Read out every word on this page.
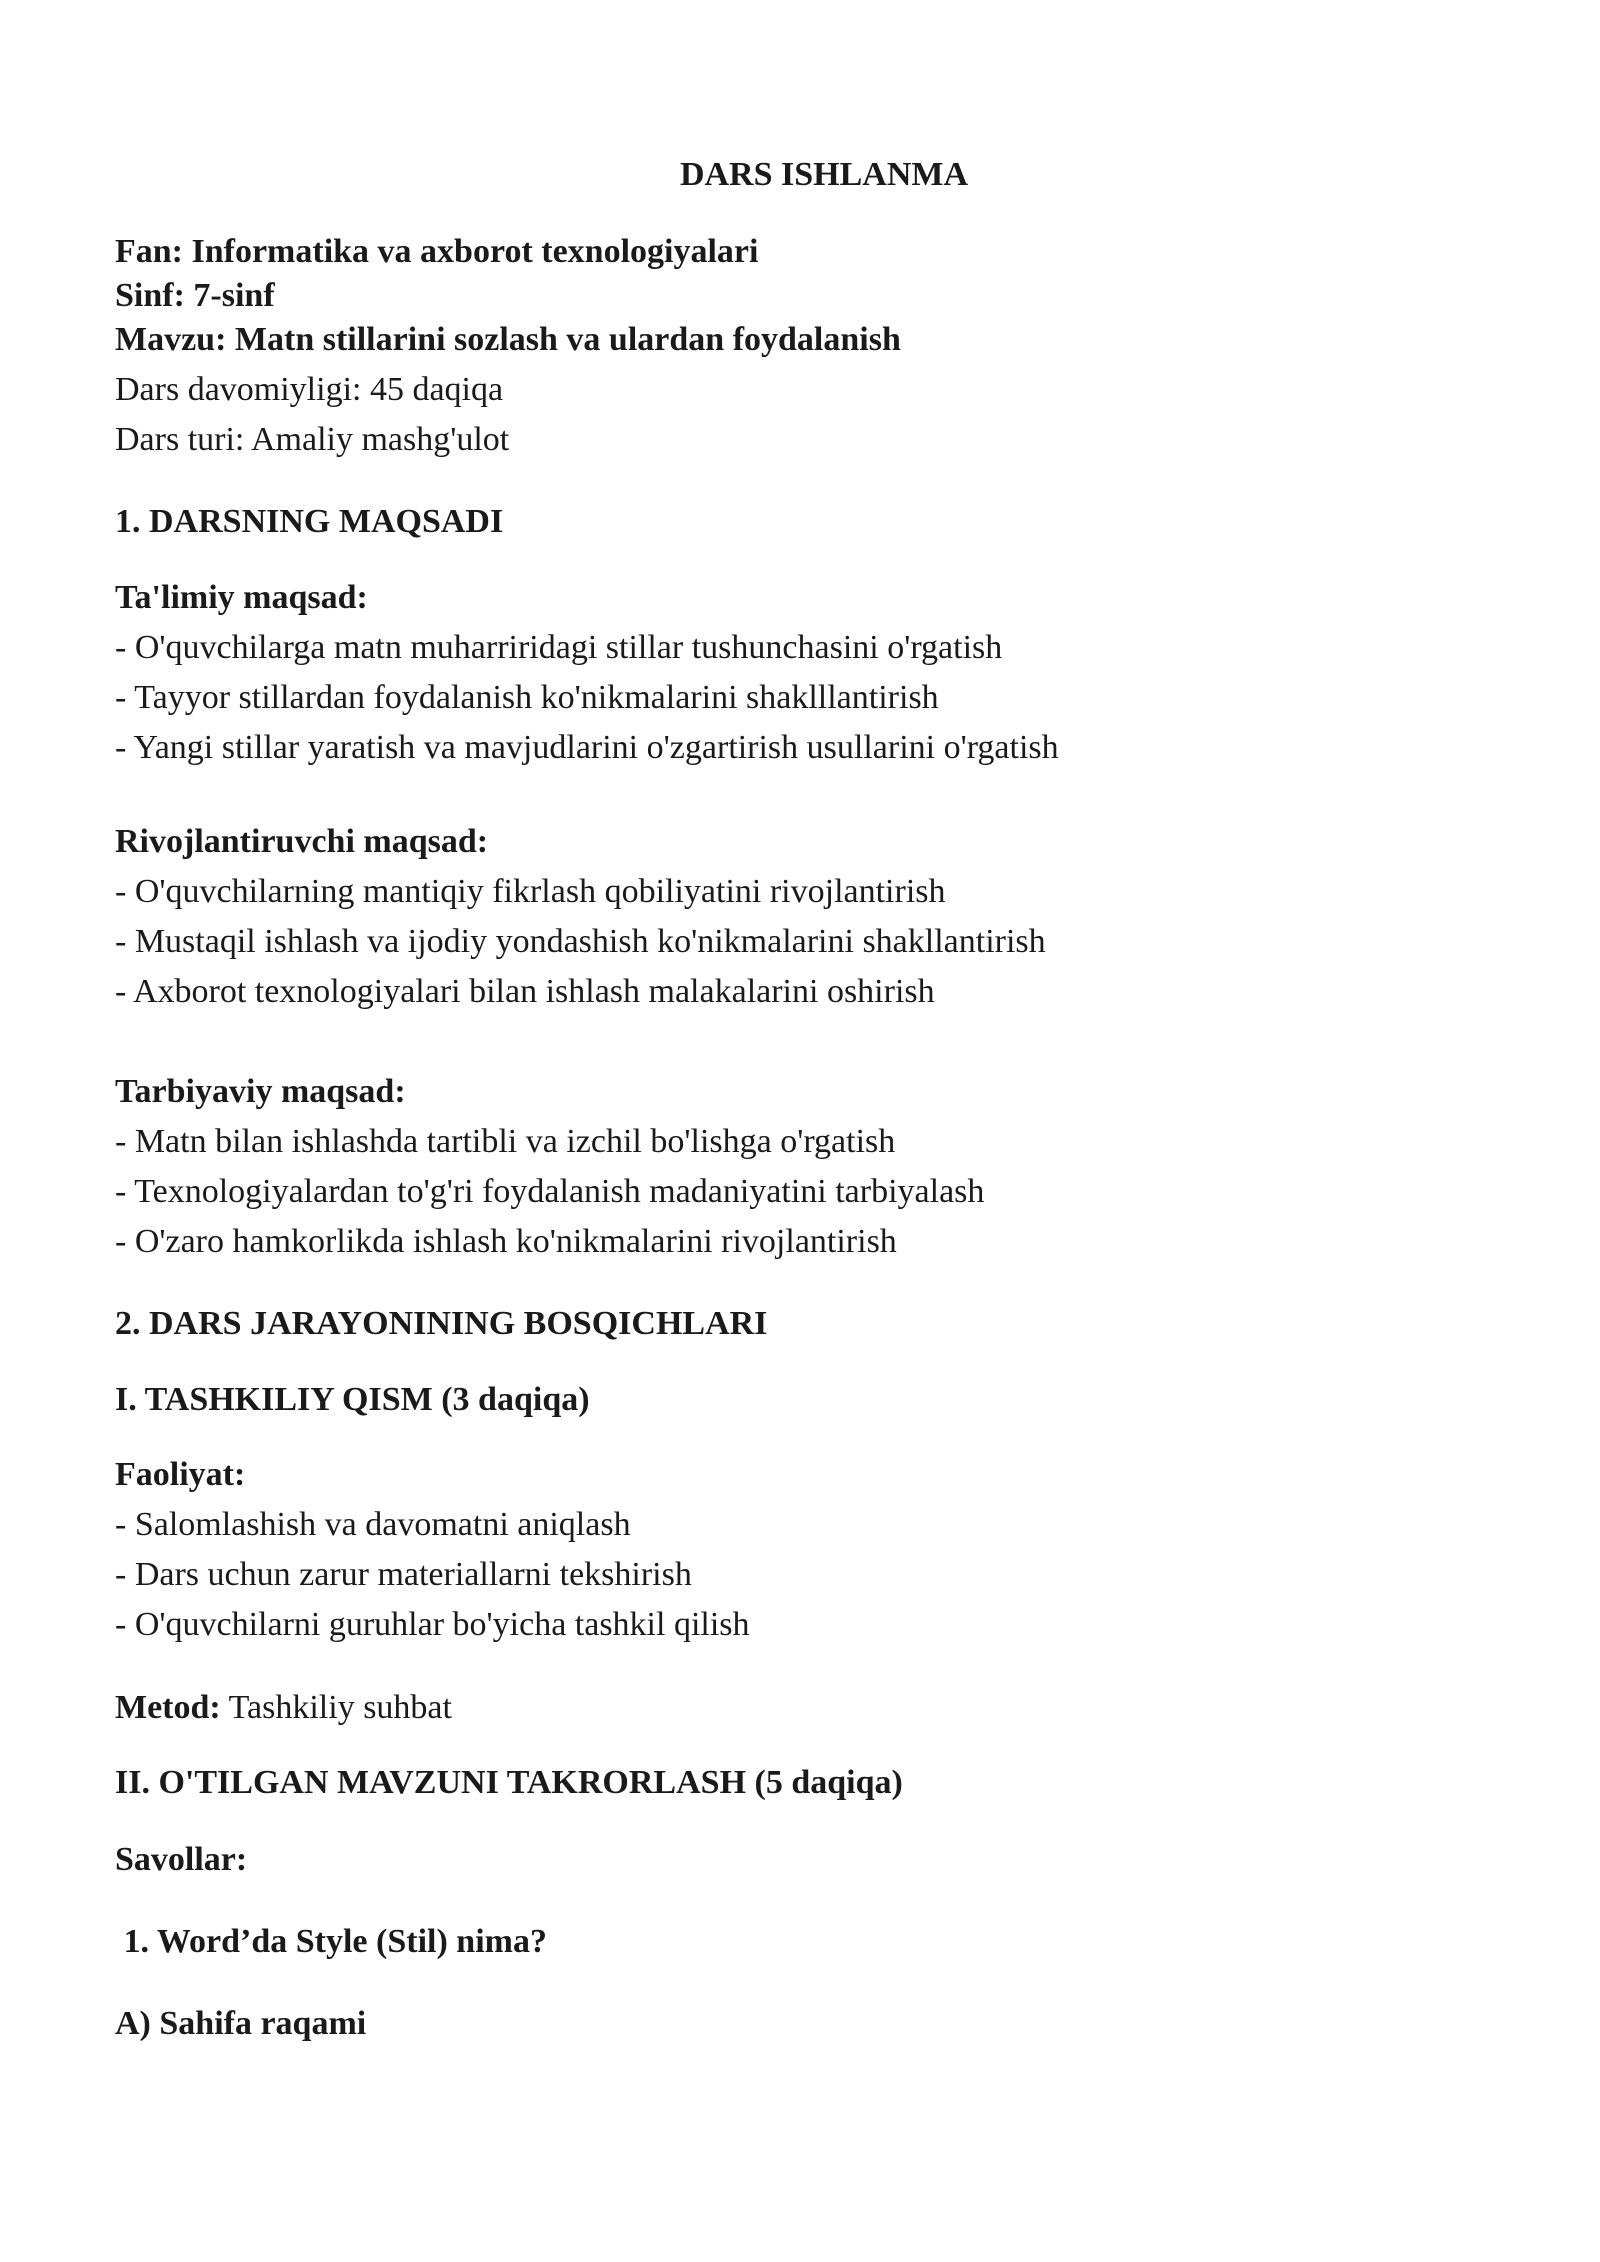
DARS ISHLANMA
Fan: Informatika va axborot texnologiyalari
Sinf: 7-sinf
Mavzu: Matn stillarini sozlash va ulardan foydalanish
Dars davomiyligi: 45 daqiqa
Dars turi: Amaliy mashg'ulot
1. DARSNING MAQSADI
Ta'limiy maqsad:
- O'quvchilarga matn muharriridagi stillar tushunchasini o'rgatish
- Tayyor stillardan foydalanish ko'nikmalarini shaklllantirish
- Yangi stillar yaratish va mavjudlarini o'zgartirish usullarini o'rgatish
Rivojlantiruvchi maqsad:
- O'quvchilarning mantiqiy fikrlash qobiliyatini rivojlantirish
- Mustaqil ishlash va ijodiy yondashish ko'nikmalarini shakllantirish
- Axborot texnologiyalari bilan ishlash malakalarini oshirish
Tarbiyaviy maqsad:
- Matn bilan ishlashda tartibli va izchil bo'lishga o'rgatish
- Texnologiyalardan to'g'ri foydalanish madaniyatini tarbiyalash
- O'zaro hamkorlikda ishlash ko'nikmalarini rivojlantirish
2. DARS JARAYONINING BOSQICHLARI
I. TASHKILIY QISM (3 daqiqa)
Faoliyat:
- Salomlashish va davomatni aniqlash
- Dars uchun zarur materiallarni tekshirish
- O'quvchilarni guruhlar bo'yicha tashkil qilish
Metod: Tashkiliy suhbat
II. O'TILGAN MAVZUNI TAKRORLASH (5 daqiqa)
Savollar:
1. Word’da Style (Stil) nima?
A) Sahifa raqami
